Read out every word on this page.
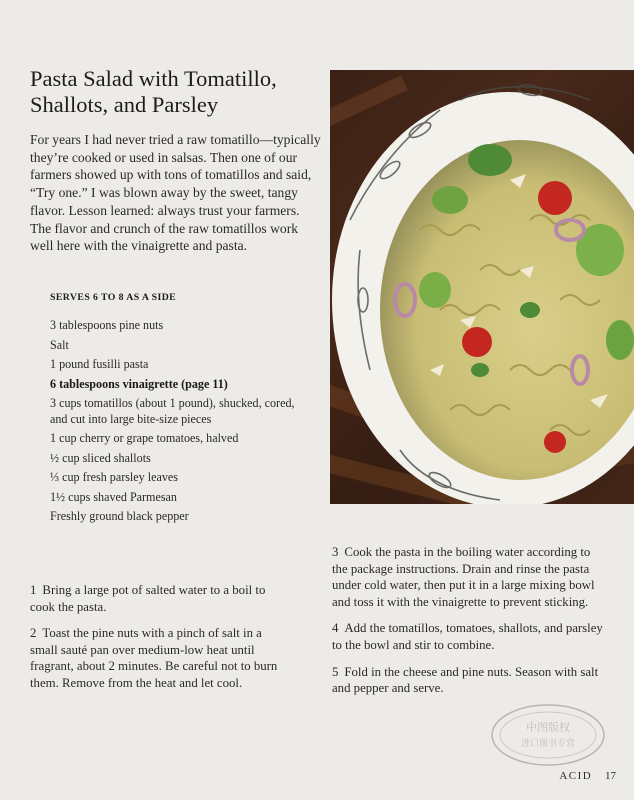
Pasta Salad with Tomatillo, Shallots, and Parsley

For years I had never tried a raw tomatillo—typically they’re cooked or used in salsas. Then one of our farmers showed up with tons of tomatillos and said, “Try one.” I was blown away by the sweet, tangy flavor. Lesson learned: always trust your farmers. The flavor and crunch of the raw tomatillos work well here with the vinaigrette and pasta.

SERVES 6 TO 8 AS A SIDE
3 tablespoons pine nuts
Salt
1 pound fusilli pasta
6 tablespoons vinaigrette (page 11)
3 cups tomatillos (about 1 pound), shucked, cored, and cut into large bite-size pieces
1 cup cherry or grape tomatoes, halved
½ cup sliced shallots
⅓ cup fresh parsley leaves
1½ cups shaved Parmesan
Freshly ground black pepper

1 Bring a large pot of salted water to a boil to cook the pasta.

2 Toast the pine nuts with a pinch of salt in a small sauté pan over medium-low heat until fragrant, about 2 minutes. Be careful not to burn them. Remove from the heat and let cool.

3 Cook the pasta in the boiling water according to the package instructions. Drain and rinse the pasta under cold water, then put it in a large mixing bowl and toss it with the vinaigrette to prevent sticking.

4 Add the tomatillos, tomatoes, shallots, and parsley to the bowl and stir to combine.

5 Fold in the cheese and pine nuts. Season with salt and pepper and serve.

中图版权
进口图书专营
ACID 17
